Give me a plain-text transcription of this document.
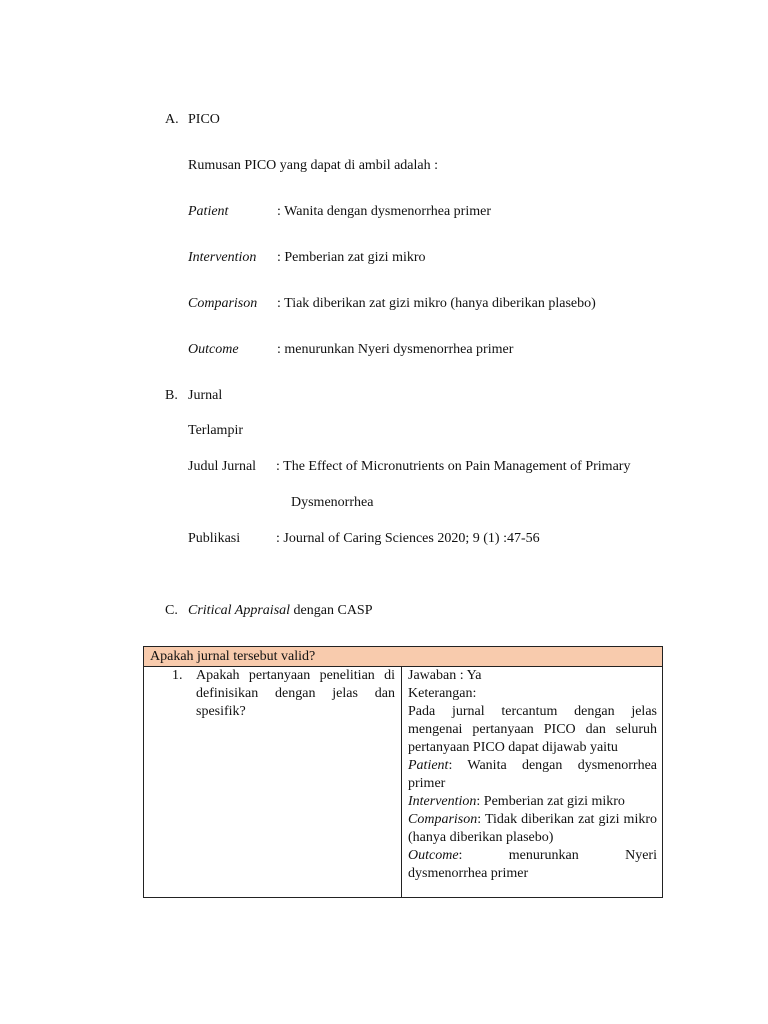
A. PICO
Rumusan PICO yang dapat di ambil adalah :
Patient	: Wanita dengan dysmenorrhea primer
Intervention : Pemberian zat gizi mikro
Comparison : Tiak diberikan zat gizi mikro (hanya diberikan plasebo)
Outcome	: menurunkan Nyeri dysmenorrhea primer
B. Jurnal
Terlampir
Judul Jurnal : The Effect of Micronutrients on Pain Management of Primary
Dysmenorrhea
Publikasi	: Journal of Caring Sciences 2020; 9 (1) :47-56
C. Critical Appraisal dengan CASP
Apakah jurnal tersebut valid?

1. Apakah pertanyaan penelitian di definisikan dengan jelas dan spesifik?

Jawaban : Ya
Keterangan:
Pada jurnal tercantum dengan jelas mengenai pertanyaan PICO dan seluruh pertanyaan PICO dapat dijawab yaitu
Patient: Wanita dengan dysmenorrhea primer
Intervention: Pemberian zat gizi mikro
Comparison: Tidak diberikan zat gizi mikro (hanya diberikan plasebo)
Outcome:	menurunkan	Nyeri
dysmenorrhea primer
